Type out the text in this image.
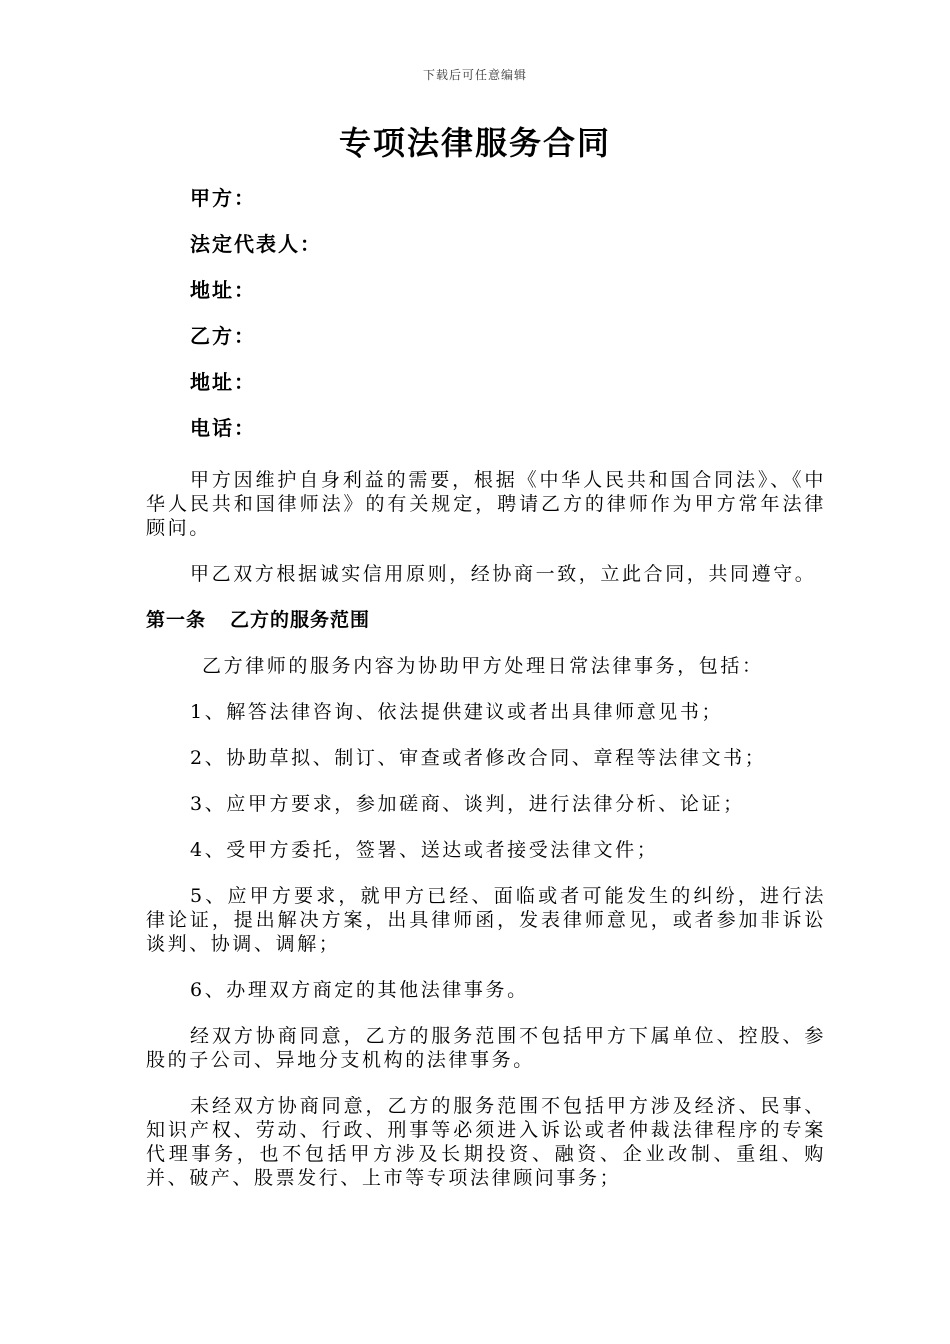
下载后可任意编辑
专项法律服务合同
甲方：
法定代表人：
地址：
乙方：
地址：
电话：

甲方因维护自身利益的需要，根据《中华人民共和国合同法》、《中华人民共和国律师法》的有关规定，聘请乙方的律师作为甲方常年法律顾问。

甲乙双方根据诚实信用原则，经协商一致，立此合同，共同遵守。

第一条 乙方的服务范围

乙方律师的服务内容为协助甲方处理日常法律事务，包括：

1、解答法律咨询、依法提供建议或者出具律师意见书；

2、协助草拟、制订、审查或者修改合同、章程等法律文书；

3、应甲方要求，参加磋商、谈判，进行法律分析、论证；

4、受甲方委托，签署、送达或者接受法律文件；

5、应甲方要求，就甲方已经、面临或者可能发生的纠纷，进行法律论证，提出解决方案，出具律师函，发表律师意见，或者参加非诉讼谈判、协调、调解；

6、办理双方商定的其他法律事务。

经双方协商同意，乙方的服务范围不包括甲方下属单位、控股、参股的子公司、异地分支机构的法律事务。

未经双方协商同意，乙方的服务范围不包括甲方涉及经济、民事、知识产权、劳动、行政、刑事等必须进入诉讼或者仲裁法律程序的专案代理事务，也不包括甲方涉及长期投资、融资、企业改制、重组、购并、破产、股票发行、上市等专项法律顾问事务；
